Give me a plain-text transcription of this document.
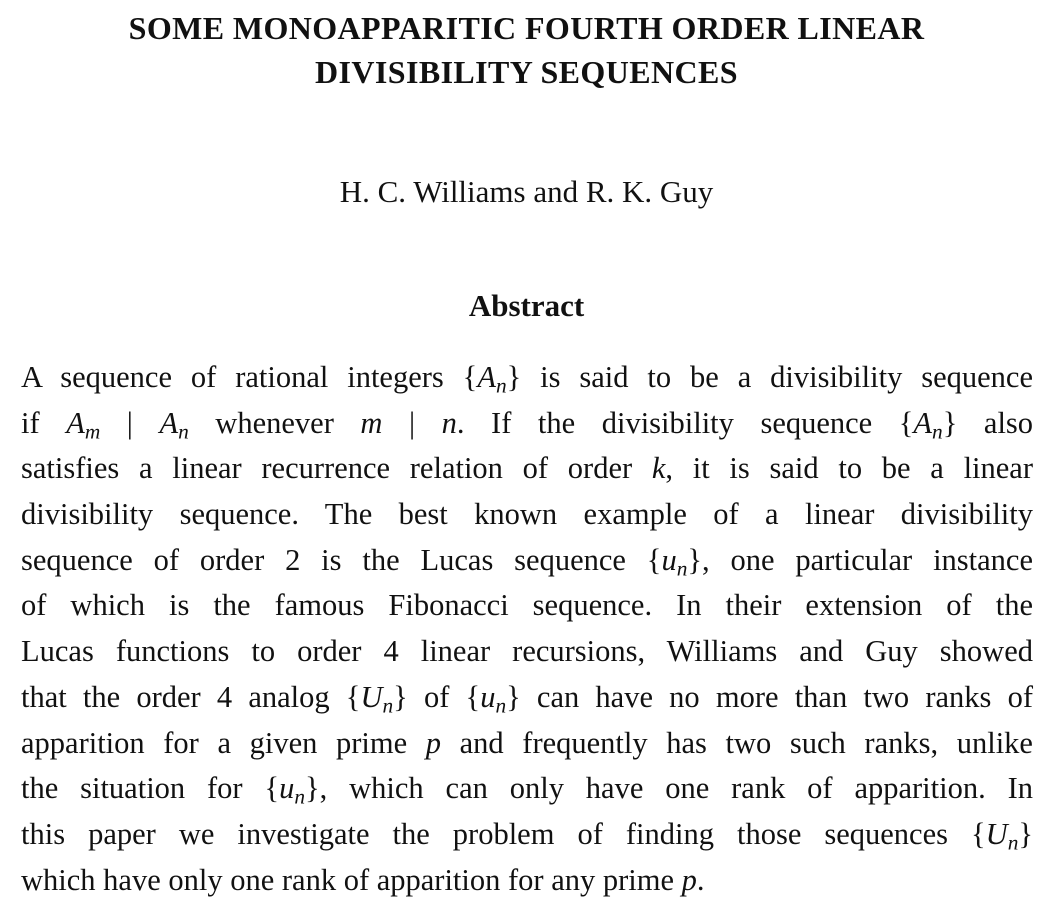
SOME MONOAPPARITIC FOURTH ORDER LINEAR
DIVISIBILITY SEQUENCES
H. C. Williams and R. K. Guy
Abstract
A sequence of rational integers $\{A_n\}$ is said to be a divisibility sequence
if $A_m$ | $A_n$ whenever m | n. If the divisibility sequence $\{A_n\}$ also
satisfies a linear recurrence relation of order k, it is said to be a linear
divisibility sequence. The best known example of a linear divisibility
sequence of order 2 is the Lucas sequence $\{u_n\}$, one particular instance
of which is the famous Fibonacci sequence. In their extension of the
Lucas functions to order 4 linear recursions, Williams and Guy showed
that the order 4 analog $\{U_n\}$ of $\{u_n\}$ can have no more than two ranks of
apparition for a given prime p and frequently has two such ranks, unlike
the situation for $\{u_n\}$, which can only have one rank of apparition. In
this paper we investigate the problem of finding those sequences $\{U_n\}$
which have only one rank of apparition for any prime p.
